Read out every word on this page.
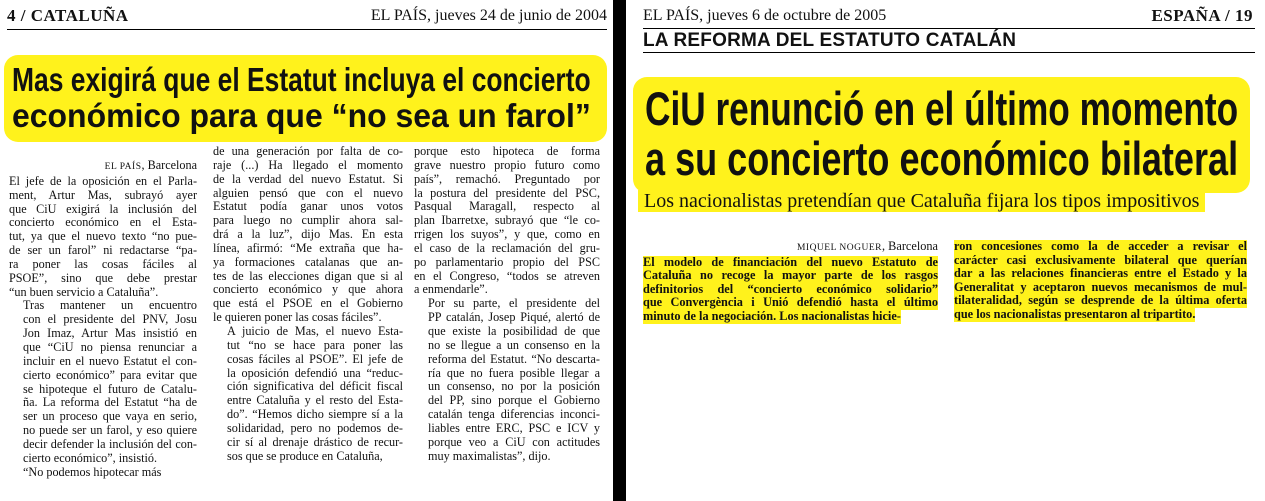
4 / CATALUÑA	EL PAÍS, jueves 24 de junio de 2004
Mas exigirá que el Estatut incluya el concierto
económico para que “no sea un farol”
EL PAÍS, Barcelona
El jefe de la oposición en el Parla-
ment, Artur Mas, subrayó ayer
que CiU exigirá la inclusión del
concierto económico en el Esta-
tut, ya que el nuevo texto “no pue-
de ser un farol” ni redactarse “pa-
ra poner las cosas fáciles al
PSOE”, sino que debe prestar
“un buen servicio a Cataluña”.
Tras mantener un encuentro
con el presidente del PNV, Josu
Jon Imaz, Artur Mas insistió en
que “CiU no piensa renunciar a
incluir en el nuevo Estatut el con-
cierto económico” para evitar que
se hipoteque el futuro de Catalu-
ña. La reforma del Estatut “ha de
ser un proceso que vaya en serio,
no puede ser un farol, y eso quiere
decir defender la inclusión del con-
cierto económico”, insistió.
“No podemos hipotecar más
de una generación por falta de co-
raje (...) Ha llegado el momento
de la verdad del nuevo Estatut. Si
alguien pensó que con el nuevo
Estatut podía ganar unos votos
para luego no cumplir ahora sal-
drá a la luz”, dijo Mas. En esta
línea, afirmó: “Me extraña que ha-
ya formaciones catalanas que an-
tes de las elecciones digan que si al
concierto económico y que ahora
que está el PSOE en el Gobierno
le quieren poner las cosas fáciles”.
A juicio de Mas, el nuevo Esta-
tut “no se hace para poner las
cosas fáciles al PSOE”. El jefe de
la oposición defendió una “reduc-
ción significativa del déficit fiscal
entre Cataluña y el resto del Esta-
do”. “Hemos dicho siempre sí a la
solidaridad, pero no podemos de-
cir sí al drenaje drástico de recur-
sos que se produce en Cataluña,
porque esto hipoteca de forma
grave nuestro propio futuro como
país”, remachó. Preguntado por
la postura del presidente del PSC,
Pasqual Maragall, respecto al
plan Ibarretxe, subrayó que “le co-
rrigen los suyos”, y que, como en
el caso de la reclamación del gru-
po parlamentario propio del PSC
en el Congreso, “todos se atreven
a enmendarle”.
Por su parte, el presidente del
PP catalán, Josep Piqué, alertó de
que existe la posibilidad de que
no se llegue a un consenso en la
reforma del Estatut. “No descarta-
ría que no fuera posible llegar a
un consenso, no por la posición
del PP, sino porque el Gobierno
catalán tenga diferencias inconci-
liables entre ERC, PSC e ICV y
porque veo a CiU con actitudes
muy maximalistas”, dijo.
EL PAÍS, jueves 6 de octubre de 2005	ESPAÑA / 19
LA REFORMA DEL ESTATUTO CATALÁN
CiU renunció en el último momento
a su concierto económico bilateral
Los nacionalistas pretendían que Cataluña fijara los tipos impositivos
MIQUEL NOGUER, Barcelona
El modelo de financiación del nuevo Estatuto de
Cataluña no recoge la mayor parte de los rasgos
definitorios del “concierto económico solidario”
que Convergència i Unió defendió hasta el último
minuto de la negociación. Los nacionalistas hicie-
ron concesiones como la de acceder a revisar el
carácter casi exclusivamente bilateral que querían
dar a las relaciones financieras entre el Estado y la
Generalitat y aceptaron nuevos mecanismos de mul-
tilateralidad, según se desprende de la última oferta
que los nacionalistas presentaron al tripartito.
